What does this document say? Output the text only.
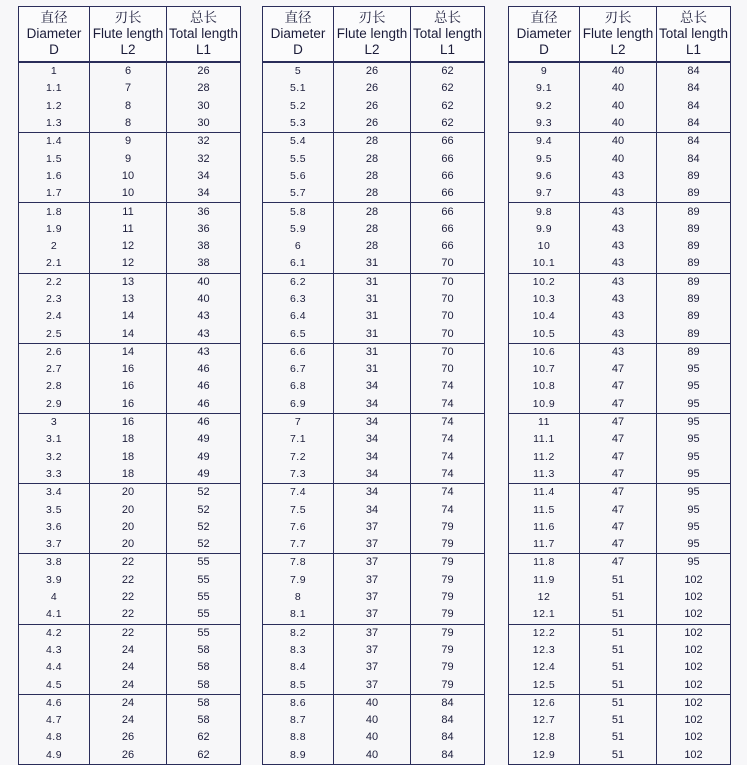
直径
Diameter
D	刃长
Flute length
L2	总长
Total length
L1

1	6	26
1.1	7	28
1.2	8	30
1.3	8	30
1.4	9	32
1.5	9	32
1.6	10	34
1.7	10	34
1.8	11	36
1.9	11	36
2	12	38
2.1	12	38
2.2	13	40
2.3	13	40
2.4	14	43
2.5	14	43
2.6	14	43
2.7	16	46
2.8	16	46
2.9	16	46
3	16	46
3.1	18	49
3.2	18	49
3.3	18	49
3.4	20	52
3.5	20	52
3.6	20	52
3.7	20	52
3.8	22	55
3.9	22	55
4	22	55
4.1	22	55
4.2	22	55
4.3	24	58
4.4	24	58
4.5	24	58
4.6	24	58
4.7	24	58
4.8	26	62
4.9	26	62
直径
Diameter
D	刃长
Flute length
L2	总长
Total length
L1

5	26	62
5.1	26	62
5.2	26	62
5.3	26	62
5.4	28	66
5.5	28	66
5.6	28	66
5.7	28	66
5.8	28	66
5.9	28	66
6	28	66
6.1	31	70
6.2	31	70
6.3	31	70
6.4	31	70
6.5	31	70
6.6	31	70
6.7	31	70
6.8	34	74
6.9	34	74
7	34	74
7.1	34	74
7.2	34	74
7.3	34	74
7.4	34	74
7.5	34	74
7.6	37	79
7.7	37	79
7.8	37	79
7.9	37	79
8	37	79
8.1	37	79
8.2	37	79
8.3	37	79
8.4	37	79
8.5	37	79
8.6	40	84
8.7	40	84
8.8	40	84
8.9	40	84
直径
Diameter
D	刃长
Flute length
L2	总长
Total length
L1

9	40	84
9.1	40	84
9.2	40	84
9.3	40	84
9.4	40	84
9.5	40	84
9.6	43	89
9.7	43	89
9.8	43	89
9.9	43	89
10	43	89
10.1	43	89
10.2	43	89
10.3	43	89
10.4	43	89
10.5	43	89
10.6	43	89
10.7	47	95
10.8	47	95
10.9	47	95
11	47	95
11.1	47	95
11.2	47	95
11.3	47	95
11.4	47	95
11.5	47	95
11.6	47	95
11.7	47	95
11.8	47	95
11.9	51	102
12	51	102
12.1	51	102
12.2	51	102
12.3	51	102
12.4	51	102
12.5	51	102
12.6	51	102
12.7	51	102
12.8	51	102
12.9	51	102
